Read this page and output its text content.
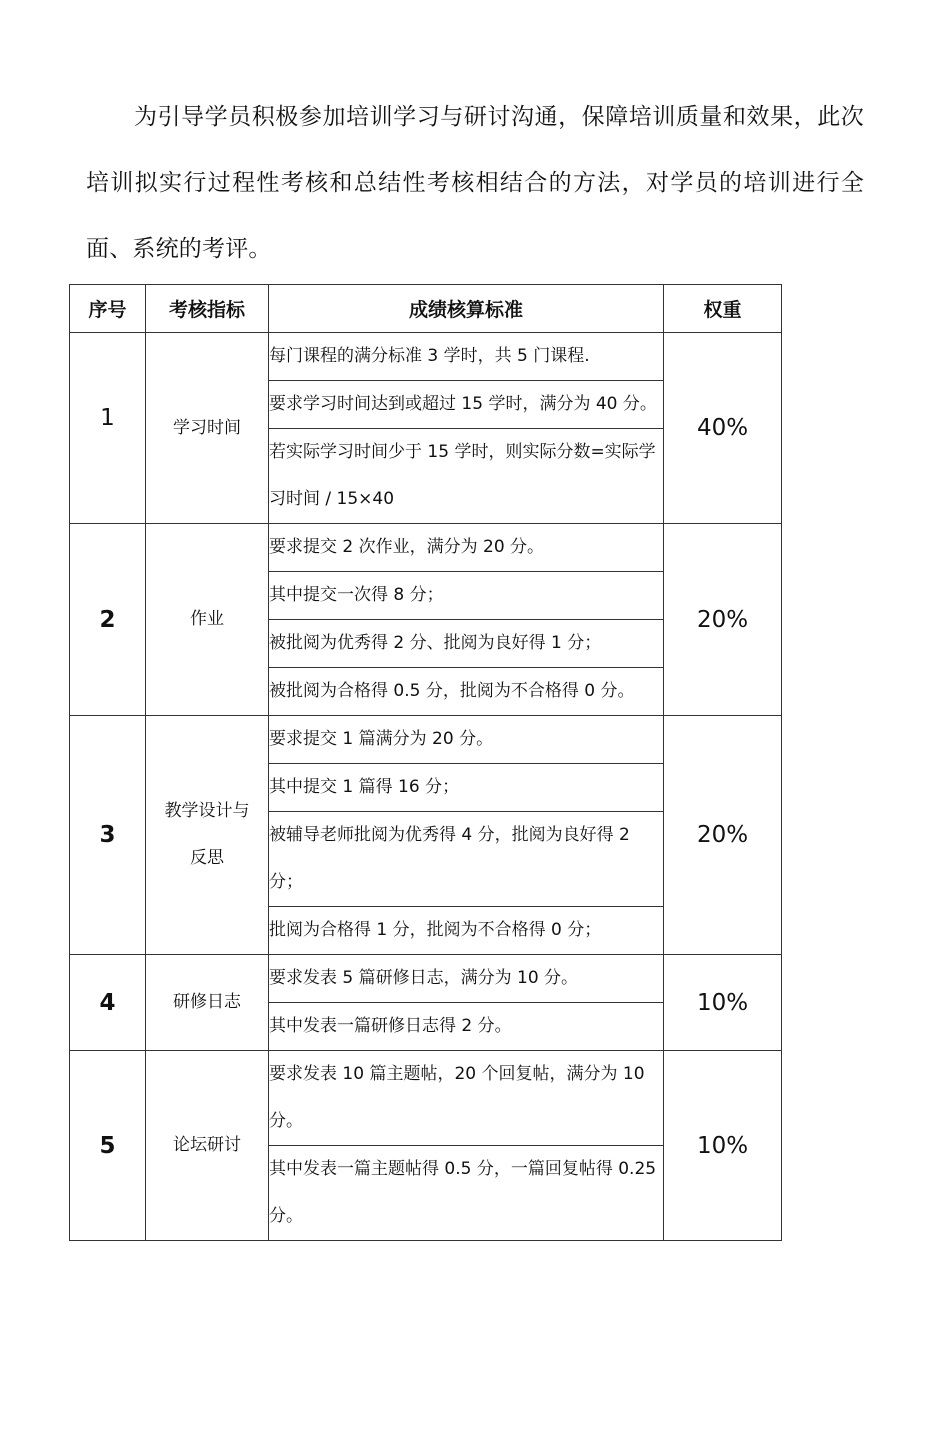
为引导学员积极参加培训学习与研讨沟通，保障培训质量和效果，此次培训拟实行过程性考核和总结性考核相结合的方法，对学员的培训进行全面、系统的考评。

序号	考核指标	成绩核算标准	权重
1	学习时间	每门课程的满分标准 3 学时，共 5 门课程.	40%
		要求学习时间达到或超过 15 学时，满分为 40 分。	
		若实际学习时间少于 15 学时，则实际分数=实际学习时间 / 15×40	
2	作业	要求提交 2 次作业，满分为 20 分。	20%
		其中提交一次得 8 分；	
		被批阅为优秀得 2 分、批阅为良好得 1 分；	
		被批阅为合格得 0.5 分，批阅为不合格得 0 分。	
3	教学设计与反思	要求提交 1 篇满分为 20 分。	20%
		其中提交 1 篇得 16 分；	
		被辅导老师批阅为优秀得 4 分，批阅为良好得 2 分；	
		批阅为合格得 1 分，批阅为不合格得 0 分；	
4	研修日志	要求发表 5 篇研修日志，满分为 10 分。	10%
		其中发表一篇研修日志得 2 分。	
5	论坛研讨	要求发表 10 篇主题帖，20 个回复帖，满分为 10 分。	10%
		其中发表一篇主题帖得 0.5 分，一篇回复帖得 0.25 分。	
